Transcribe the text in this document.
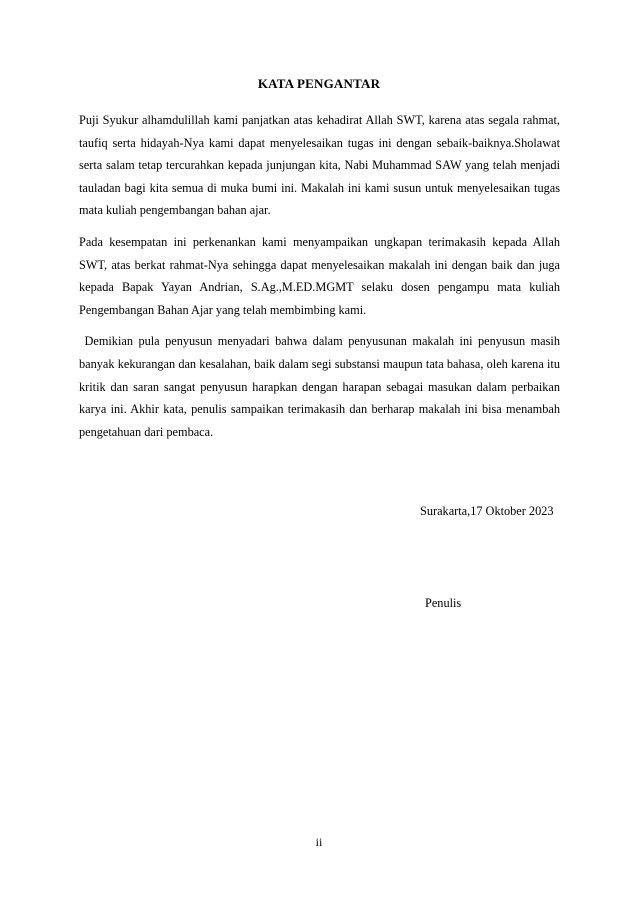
KATA PENGANTAR

Puji Syukur alhamdulillah kami panjatkan atas kehadirat Allah SWT, karena atas segala rahmat, taufiq serta hidayah-Nya kami dapat menyelesaikan tugas ini dengan sebaik-baiknya.Sholawat serta salam tetap tercurahkan kepada junjungan kita, Nabi Muhammad SAW yang telah menjadi tauladan bagi kita semua di muka bumi ini. Makalah ini kami susun untuk menyelesaikan tugas mata kuliah pengembangan bahan ajar.

Pada kesempatan ini perkenankan kami menyampaikan ungkapan terimakasih kepada Allah SWT, atas berkat rahmat-Nya sehingga dapat menyelesaikan makalah ini dengan baik dan juga kepada Bapak Yayan Andrian, S.Ag.,M.ED.MGMT selaku dosen pengampu mata kuliah Pengembangan Bahan Ajar yang telah membimbing kami.

Demikian pula penyusun menyadari bahwa dalam penyusunan makalah ini penyusun masih banyak kekurangan dan kesalahan, baik dalam segi substansi maupun tata bahasa, oleh karena itu kritik dan saran sangat penyusun harapkan dengan harapan sebagai masukan dalam perbaikan karya ini. Akhir kata, penulis sampaikan terimakasih dan berharap makalah ini bisa menambah pengetahuan dari pembaca.

Surakarta,17 Oktober 2023
Penulis
ii
